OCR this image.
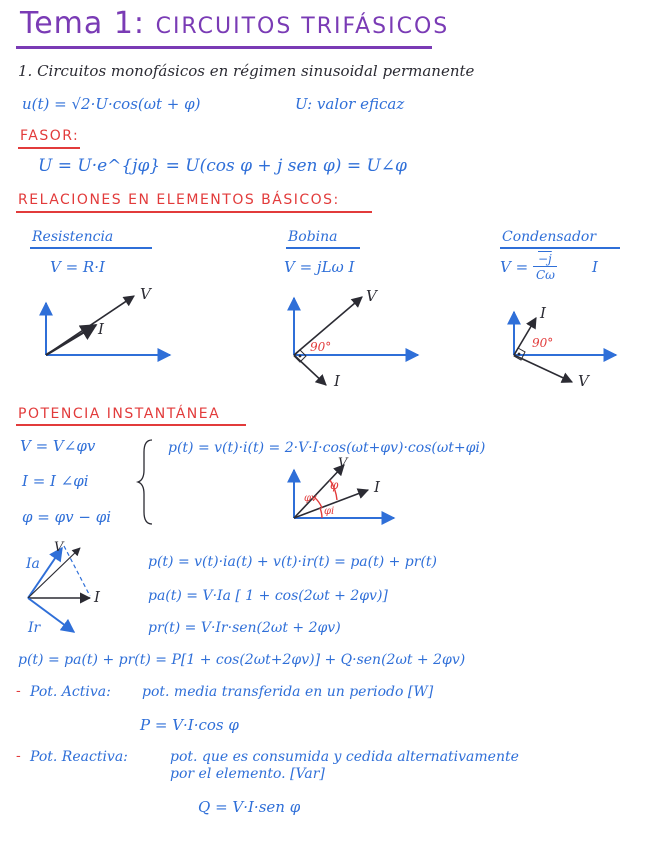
Tema 1: CIRCUITOS TRIFÁSICOS
1. Circuitos monofásicos en régimen sinusoidal permanente
u(t) = √2·U·cos(ωt + φ)	U: valor eficaz
FASOR:
U = U·e^{jφ} = U(cos φ + j sen φ) = U∠φ
RELACIONES EN ELEMENTOS BÁSICOS:
Resistencia	Bobina	Condensador
V = R·I	V = jLω I	V = −j
Cω I
V
I
V
I
90°
I
V
90°
POTENCIA INSTANTÁNEA
V = V∠φv
I = I ∠φi
φ = φv − φi
p(t) = v(t)·i(t) = 2·V·I·cos(ωt+φv)·cos(ωt+φi)
V
I
φ
φv
φi
Ia
V
I
Ir
p(t) = v(t)·ia(t) + v(t)·ir(t) = pa(t) + pr(t)
pa(t) = V·Ia [ 1 + cos(2ωt + 2φv)]
pr(t) = V·Ir·sen(2ωt + 2φv)
p(t) = pa(t) + pr(t) = P[1 + cos(2ωt+2φv)] + Q·sen(2ωt + 2φv)
- Pot. Activa: pot. media transferida en un periodo [W]
P = V·I·cos φ
- Pot. Reactiva:	pot. que es consumida y cedida alternativamente
por el elemento. [Var]
Q = V·I·sen φ
